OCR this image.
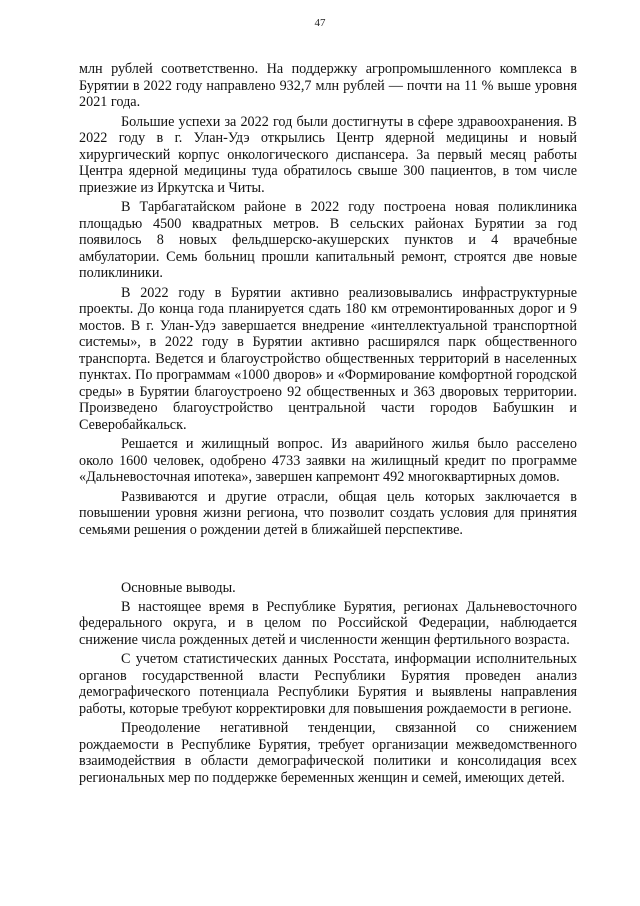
47

млн рублей соответственно. На поддержку агропромышленного комплекса в Бурятии в 2022 году направлено 932,7 млн рублей — почти на 11 % выше уровня 2021 года.

Большие успехи за 2022 год были достигнуты в сфере здравоохранения. В 2022 году в г. Улан-Удэ открылись Центр ядерной медицины и новый хирургический корпус онкологического диспансера. За первый месяц работы Центра ядерной медицины туда обратилось свыше 300 пациентов, в том числе приезжие из Иркутска и Читы.

В Тарбагатайском районе в 2022 году построена новая поликлиника площадью 4500 квадратных метров. В сельских районах Бурятии за год появилось 8 новых фельдшерско-акушерских пунктов и 4 врачебные амбулатории. Семь больниц прошли капитальный ремонт, строятся две новые поликлиники.

В 2022 году в Бурятии активно реализовывались инфраструктурные проекты. До конца года планируется сдать 180 км отремонтированных дорог и 9 мостов. В г. Улан-Удэ завершается внедрение «интеллектуальной транспортной системы», в 2022 году в Бурятии активно расширялся парк общественного транспорта. Ведется и благоустройство общественных территорий в населенных пунктах. По программам «1000 дворов» и «Формирование комфортной городской среды» в Бурятии благоустроено 92 общественных и 363 дворовых территории. Произведено благоустройство центральной части городов Бабушкин и Северобайкальск.

Решается и жилищный вопрос. Из аварийного жилья было расселено около 1600 человек, одобрено 4733 заявки на жилищный кредит по программе «Дальневосточная ипотека», завершен капремонт 492 многоквартирных домов.

Развиваются и другие отрасли, общая цель которых заключается в повышении уровня жизни региона, что позволит создать условия для принятия семьями решения о рождении детей в ближайшей перспективе.

Основные выводы.

В настоящее время в Республике Бурятия, регионах Дальневосточного федерального округа, и в целом по Российской Федерации, наблюдается снижение числа рожденных детей и численности женщин фертильного возраста.

С учетом статистических данных Росстата, информации исполнительных органов государственной власти Республики Бурятия проведен анализ демографического потенциала Республики Бурятия и выявлены направления работы, которые требуют корректировки для повышения рождаемости в регионе.

Преодоление негативной тенденции, связанной со снижением рождаемости в Республике Бурятия, требует организации межведомственного взаимодействия в области демографической политики и консолидация всех региональных мер по поддержке беременных женщин и семей, имеющих детей.
